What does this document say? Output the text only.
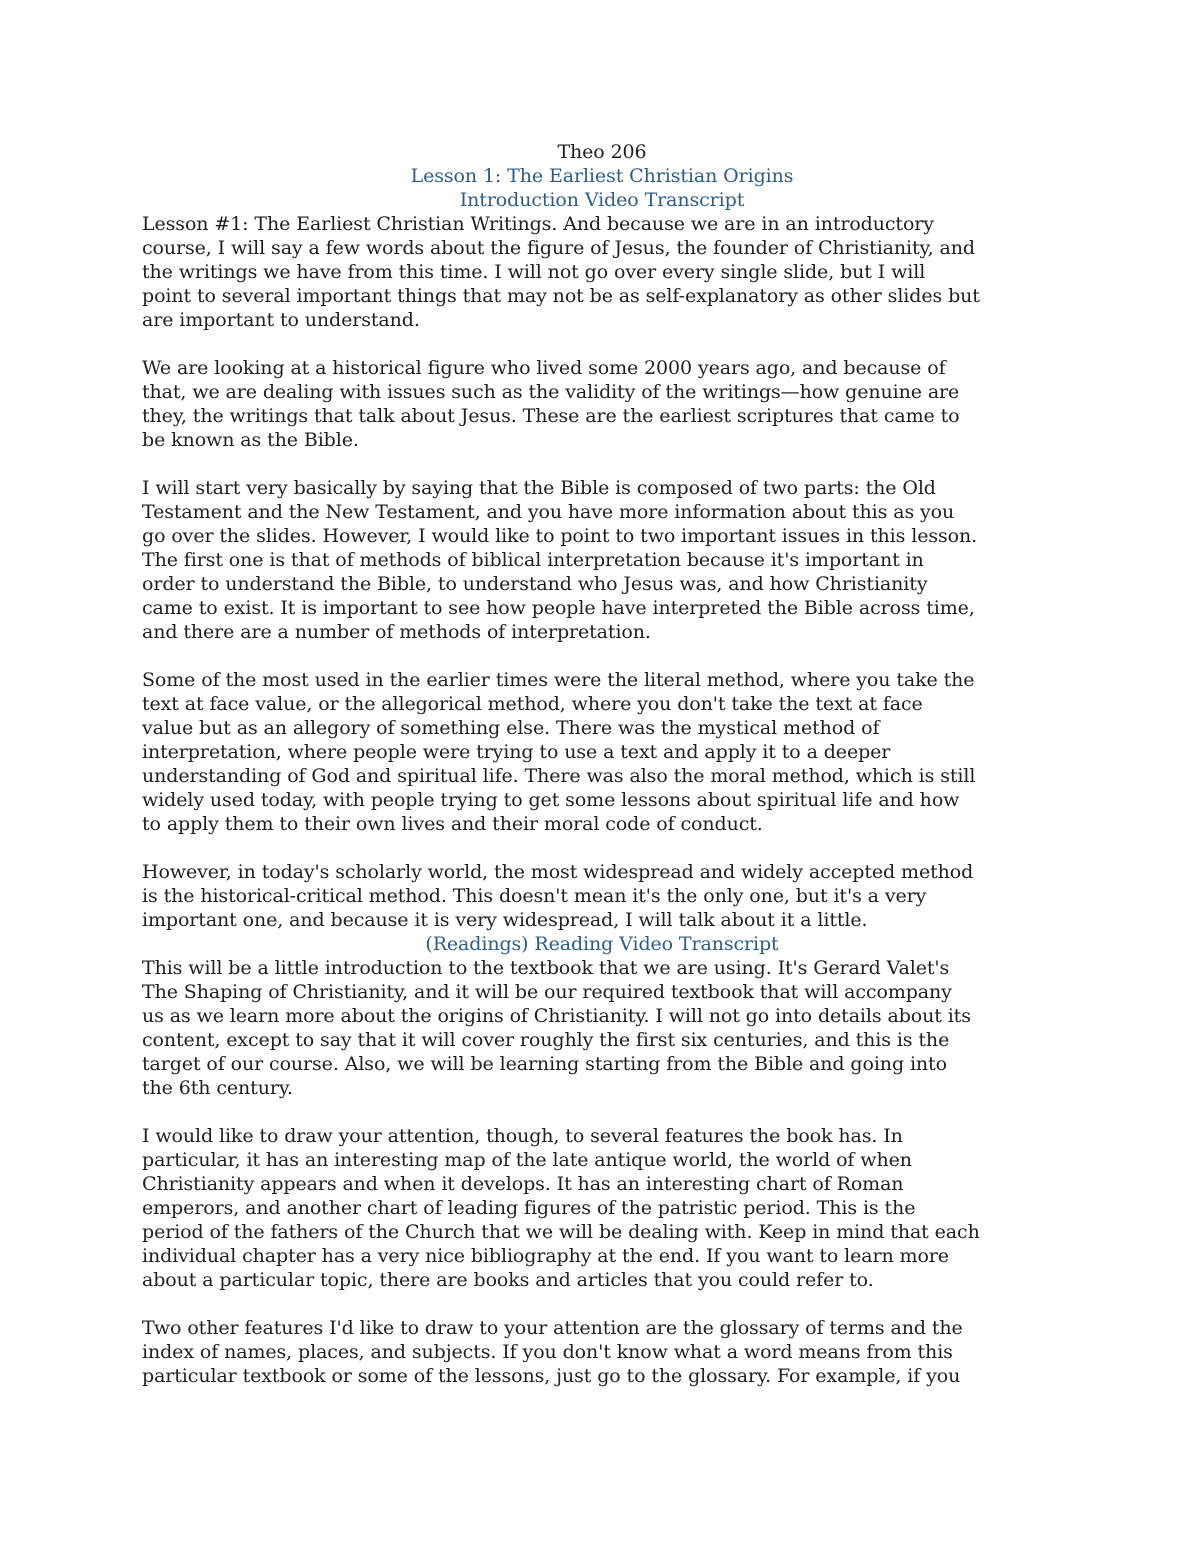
Theo 206
Lesson 1: The Earliest Christian Origins
Introduction Video Transcript
Lesson #1: The Earliest Christian Writings. And because we are in an introductory
course, I will say a few words about the figure of Jesus, the founder of Christianity, and
the writings we have from this time. I will not go over every single slide, but I will
point to several important things that may not be as self-explanatory as other slides but
are important to understand.
We are looking at a historical figure who lived some 2000 years ago, and because of
that, we are dealing with issues such as the validity of the writings—how genuine are
they, the writings that talk about Jesus. These are the earliest scriptures that came to
be known as the Bible.
I will start very basically by saying that the Bible is composed of two parts: the Old
Testament and the New Testament, and you have more information about this as you
go over the slides. However, I would like to point to two important issues in this lesson.
The first one is that of methods of biblical interpretation because it's important in
order to understand the Bible, to understand who Jesus was, and how Christianity
came to exist. It is important to see how people have interpreted the Bible across time,
and there are a number of methods of interpretation.
Some of the most used in the earlier times were the literal method, where you take the
text at face value, or the allegorical method, where you don't take the text at face
value but as an allegory of something else. There was the mystical method of
interpretation, where people were trying to use a text and apply it to a deeper
understanding of God and spiritual life. There was also the moral method, which is still
widely used today, with people trying to get some lessons about spiritual life and how
to apply them to their own lives and their moral code of conduct.
However, in today's scholarly world, the most widespread and widely accepted method
is the historical-critical method. This doesn't mean it's the only one, but it's a very
important one, and because it is very widespread, I will talk about it a little.
(Readings) Reading Video Transcript
This will be a little introduction to the textbook that we are using. It's Gerard Valet's
The Shaping of Christianity, and it will be our required textbook that will accompany
us as we learn more about the origins of Christianity. I will not go into details about its
content, except to say that it will cover roughly the first six centuries, and this is the
target of our course. Also, we will be learning starting from the Bible and going into
the 6th century.
I would like to draw your attention, though, to several features the book has. In
particular, it has an interesting map of the late antique world, the world of when
Christianity appears and when it develops. It has an interesting chart of Roman
emperors, and another chart of leading figures of the patristic period. This is the
period of the fathers of the Church that we will be dealing with. Keep in mind that each
individual chapter has a very nice bibliography at the end. If you want to learn more
about a particular topic, there are books and articles that you could refer to.
Two other features I'd like to draw to your attention are the glossary of terms and the
index of names, places, and subjects. If you don't know what a word means from this
particular textbook or some of the lessons, just go to the glossary. For example, if you
